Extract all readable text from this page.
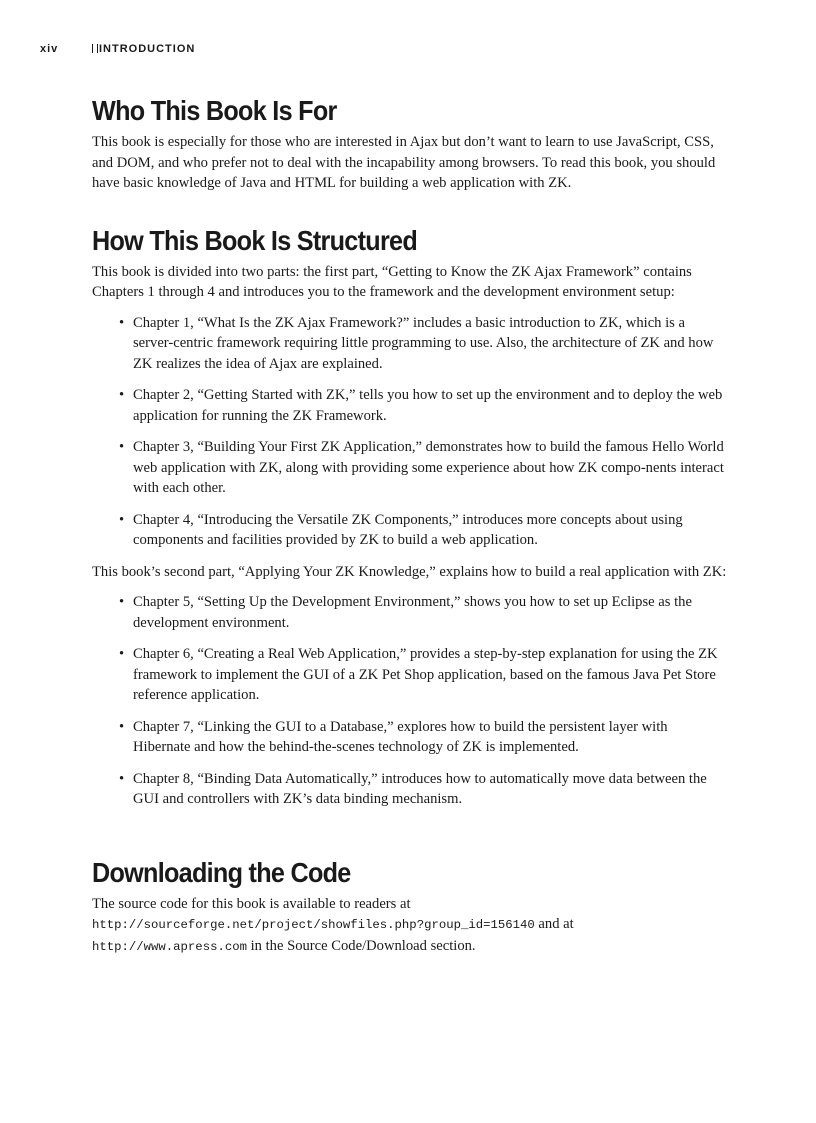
xiv	INTRODUCTION
Who This Book Is For

This book is especially for those who are interested in Ajax but don’t want to learn to use JavaScript, CSS, and DOM, and who prefer not to deal with the incapability among browsers. To read this book, you should have basic knowledge of Java and HTML for building a web application with ZK.

How This Book Is Structured

This book is divided into two parts: the first part, “Getting to Know the ZK Ajax Framework” contains Chapters 1 through 4 and introduces you to the framework and the development environment setup:

• Chapter 1, “What Is the ZK Ajax Framework?” includes a basic introduction to ZK, which is a server-centric framework requiring little programming to use. Also, the architecture of ZK and how ZK realizes the idea of Ajax are explained.
• Chapter 2, “Getting Started with ZK,” tells you how to set up the environment and to deploy the web application for running the ZK Framework.
• Chapter 3, “Building Your First ZK Application,” demonstrates how to build the famous Hello World web application with ZK, along with providing some experience about how ZK compo-nents interact with each other.
• Chapter 4, “Introducing the Versatile ZK Components,” introduces more concepts about using components and facilities provided by ZK to build a web application.

This book’s second part, “Applying Your ZK Knowledge,” explains how to build a real application with ZK:

• Chapter 5, “Setting Up the Development Environment,” shows you how to set up Eclipse as the development environment.
• Chapter 6, “Creating a Real Web Application,” provides a step-by-step explanation for using the ZK framework to implement the GUI of a ZK Pet Shop application, based on the famous Java Pet Store reference application.
• Chapter 7, “Linking the GUI to a Database,” explores how to build the persistent layer with Hibernate and how the behind-the-scenes technology of ZK is implemented.
• Chapter 8, “Binding Data Automatically,” introduces how to automatically move data between the GUI and controllers with ZK’s data binding mechanism.
Downloading the Code

The source code for this book is available to readers at
http://sourceforge.net/project/showfiles.php?group_id=156140 and at http://www.apress.com in the Source Code/Download section.
